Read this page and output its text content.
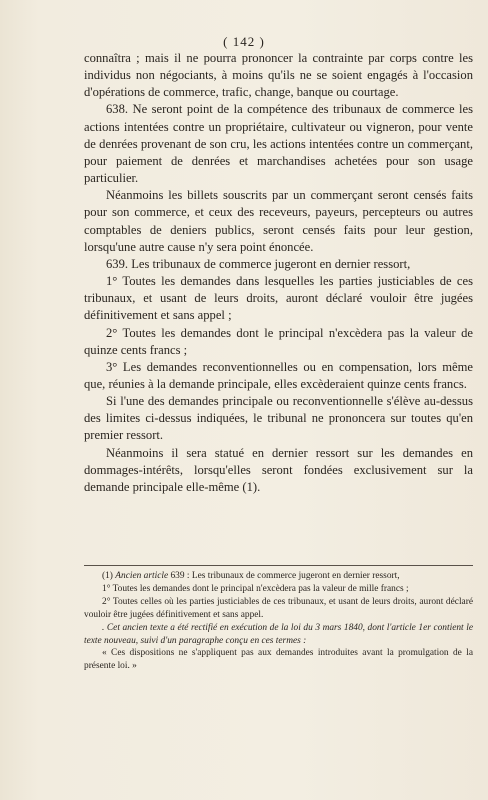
( 142 )

connaîtra ; mais il ne pourra prononcer la contrainte par corps contre les individus non négociants, à moins qu'ils ne se soient engagés à l'occasion d'opérations de commerce, trafic, change, banque ou courtage.

638. Ne seront point de la compétence des tribunaux de commerce les actions intentées contre un propriétaire, cultivateur ou vigneron, pour vente de denrées provenant de son cru, les actions intentées contre un commerçant, pour paiement de denrées et marchandises achetées pour son usage particulier.

Néanmoins les billets souscrits par un commerçant seront censés faits pour son commerce, et ceux des receveurs, payeurs, percepteurs ou autres comptables de deniers publics, seront censés faits pour leur gestion, lorsqu'une autre cause n'y sera point énoncée.

639. Les tribunaux de commerce jugeront en dernier ressort,

1° Toutes les demandes dans lesquelles les parties justiciables de ces tribunaux, et usant de leurs droits, auront déclaré vouloir être jugées définitivement et sans appel ;

2° Toutes les demandes dont le principal n'excèdera pas la valeur de quinze cents francs ;

3° Les demandes reconventionnelles ou en compensation, lors même que, réunies à la demande principale, elles excèderaient quinze cents francs.

Si l'une des demandes principale ou reconventionnelle s'élève au-dessus des limites ci-dessus indiquées, le tribunal ne prononcera sur toutes qu'en premier ressort.

Néanmoins il sera statué en dernier ressort sur les demandes en dommages-intérêts, lorsqu'elles seront fondées exclusivement sur la demande principale elle-même (1).

(1) Ancien article 639 : Les tribunaux de commerce jugeront en dernier ressort,

1° Toutes les demandes dont le principal n'excèdera pas la valeur de mille francs ;

2° Toutes celles où les parties justiciables de ces tribunaux, et usant de leurs droits, auront déclaré vouloir être jugées définitivement et sans appel.

. Cet ancien texte a été rectifié en exécution de la loi du 3 mars 1840, dont l'article 1er contient le texte nouveau, suivi d'un paragraphe conçu en ces termes :

« Ces dispositions ne s'appliquent pas aux demandes introduites avant la promulgation de la présente loi. »
